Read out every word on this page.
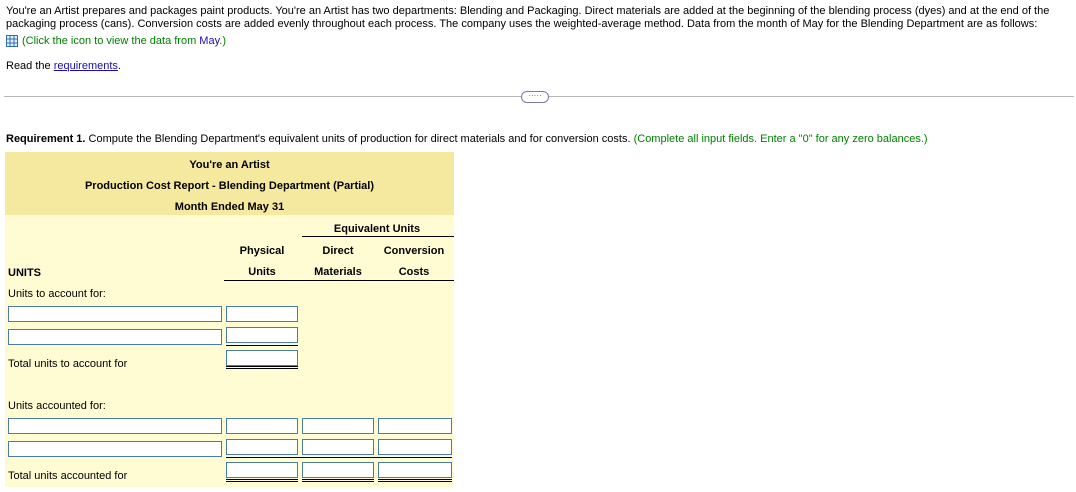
You're an Artist prepares and packages paint products. You're an Artist has two departments: Blending and Packaging. Direct materials are added at the beginning of the blending process (dyes) and at the end of the packaging process (cans). Conversion costs are added evenly throughout each process. The company uses the weighted-average method. Data from the month of May for the Blending Department are as follows:
(Click the icon to view the data from May.)
Read the requirements.
·····
Requirement 1. Compute the Blending Department's equivalent units of production for direct materials and for conversion costs. (Complete all input fields. Enter a "0" for any zero balances.)
You're an Artist
Production Cost Report - Blending Department (Partial)
Month Ended May 31
Equivalent Units
Physical
Units
Direct
Materials
Conversion
Costs
UNITS
Units to account for:
Total units to account for
Units accounted for:
Total units accounted for
